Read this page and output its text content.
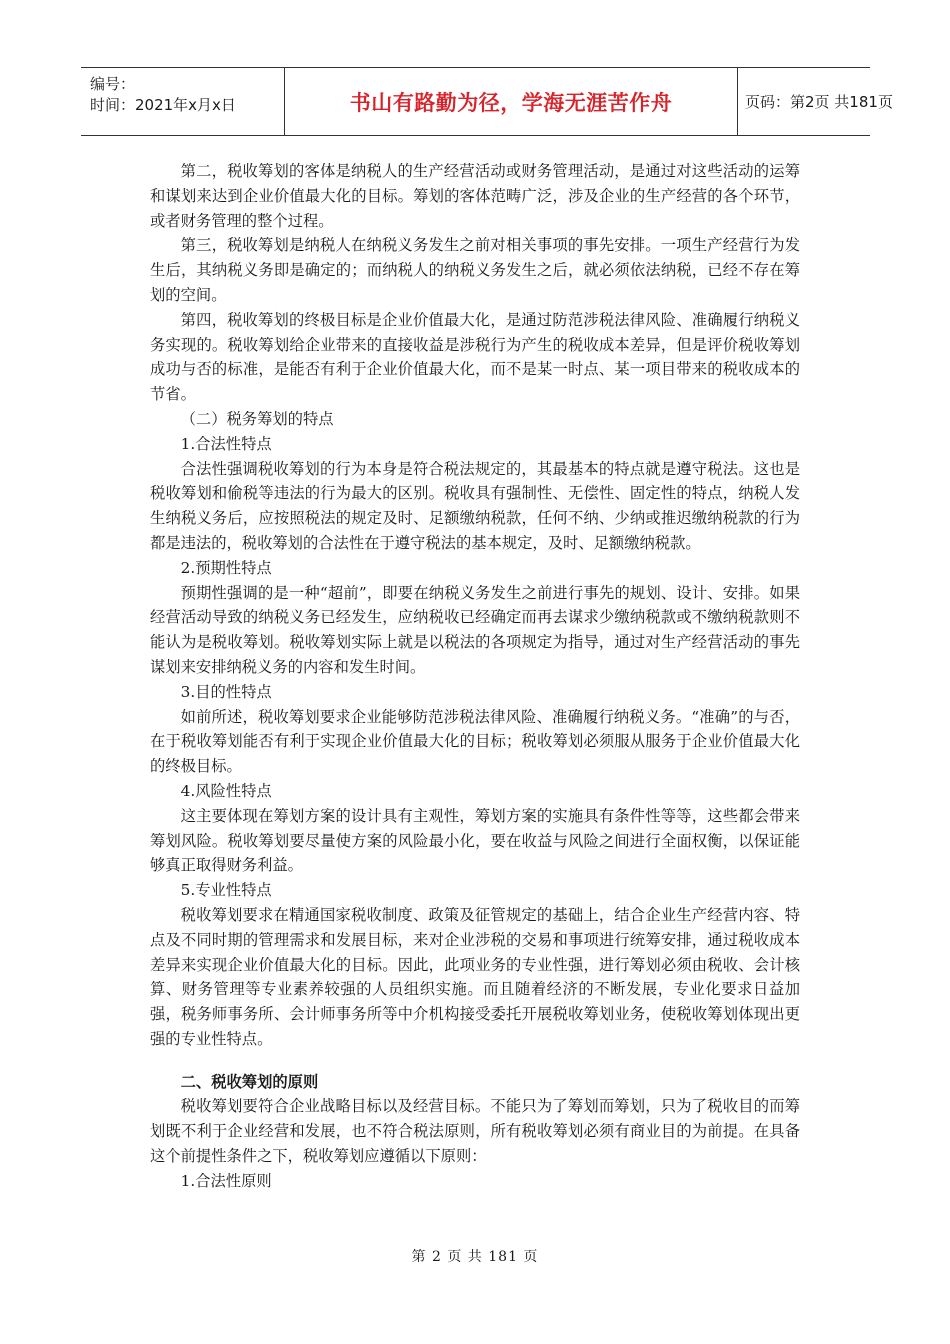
编号：
时间：2021年x月x日	书山有路勤为径，学海无涯苦作舟	页码：第2页 共181页

第二，税收筹划的客体是纳税人的生产经营活动或财务管理活动，是通过对这些活动的运筹和谋划来达到企业价值最大化的目标。筹划的客体范畴广泛，涉及企业的生产经营的各个环节，或者财务管理的整个过程。

第三，税收筹划是纳税人在纳税义务发生之前对相关事项的事先安排。一项生产经营行为发生后，其纳税义务即是确定的；而纳税人的纳税义务发生之后，就必须依法纳税，已经不存在筹划的空间。

第四，税收筹划的终极目标是企业价值最大化，是通过防范涉税法律风险、准确履行纳税义务实现的。税收筹划给企业带来的直接收益是涉税行为产生的税收成本差异，但是评价税收筹划成功与否的标准，是能否有利于企业价值最大化，而不是某一时点、某一项目带来的税收成本的节省。

（二）税务筹划的特点

1.合法性特点

合法性强调税收筹划的行为本身是符合税法规定的，其最基本的特点就是遵守税法。这也是税收筹划和偷税等违法的行为最大的区别。税收具有强制性、无偿性、固定性的特点，纳税人发生纳税义务后，应按照税法的规定及时、足额缴纳税款，任何不纳、少纳或推迟缴纳税款的行为都是违法的，税收筹划的合法性在于遵守税法的基本规定，及时、足额缴纳税款。

2.预期性特点

预期性强调的是一种“超前”，即要在纳税义务发生之前进行事先的规划、设计、安排。如果经营活动导致的纳税义务已经发生，应纳税收已经确定而再去谋求少缴纳税款或不缴纳税款则不能认为是税收筹划。税收筹划实际上就是以税法的各项规定为指导，通过对生产经营活动的事先谋划来安排纳税义务的内容和发生时间。

3.目的性特点

如前所述，税收筹划要求企业能够防范涉税法律风险、准确履行纳税义务。“准确”的与否，在于税收筹划能否有利于实现企业价值最大化的目标；税收筹划必须服从服务于企业价值最大化的终极目标。

4.风险性特点

这主要体现在筹划方案的设计具有主观性，筹划方案的实施具有条件性等等，这些都会带来筹划风险。税收筹划要尽量使方案的风险最小化，要在收益与风险之间进行全面权衡，以保证能够真正取得财务利益。

5.专业性特点

税收筹划要求在精通国家税收制度、政策及征管规定的基础上，结合企业生产经营内容、特点及不同时期的管理需求和发展目标，来对企业涉税的交易和事项进行统筹安排，通过税收成本差异来实现企业价值最大化的目标。因此，此项业务的专业性强，进行筹划必须由税收、会计核算、财务管理等专业素养较强的人员组织实施。而且随着经济的不断发展，专业化要求日益加强，税务师事务所、会计师事务所等中介机构接受委托开展税收筹划业务，使税收筹划体现出更强的专业性特点。

二、税收筹划的原则

税收筹划要符合企业战略目标以及经营目标。不能只为了筹划而筹划，只为了税收目的而筹划既不利于企业经营和发展，也不符合税法原则，所有税收筹划必须有商业目的为前提。在具备这个前提性条件之下，税收筹划应遵循以下原则：

1.合法性原则

第 2 页 共 181 页
